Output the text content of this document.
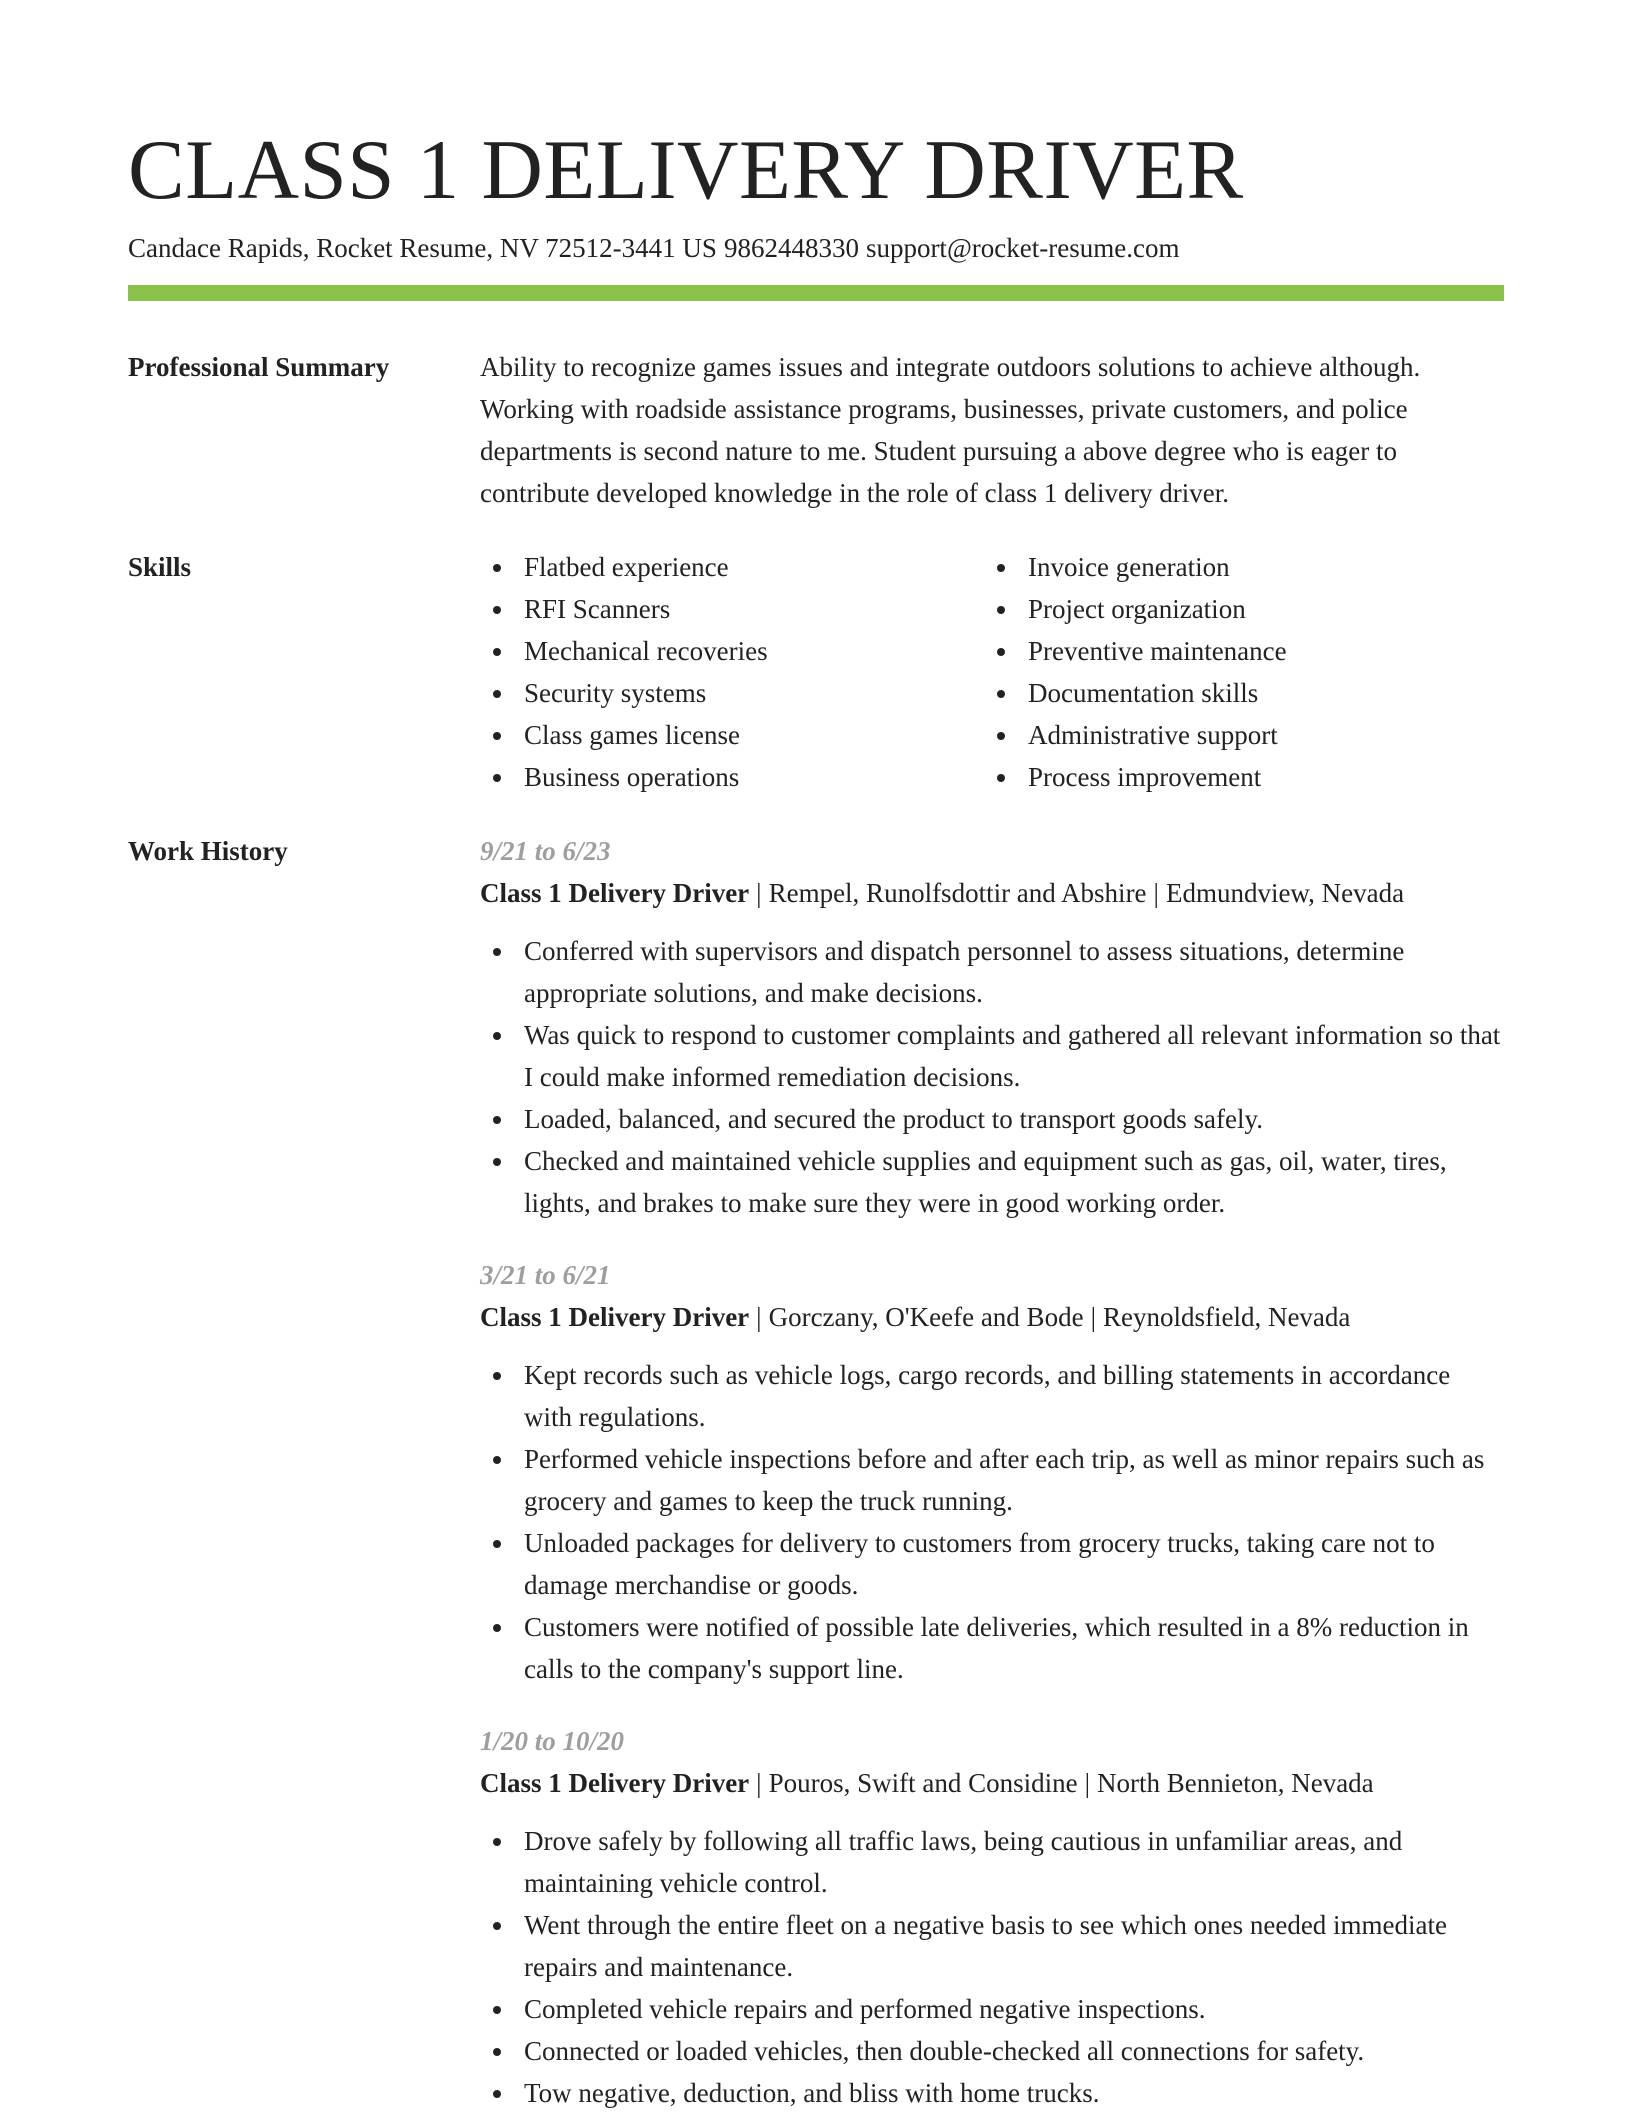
CLASS 1 DELIVERY DRIVER
Candace Rapids, Rocket Resume, NV 72512-3441 US 9862448330 support@rocket-resume.com
Professional Summary	Ability to recognize games issues and integrate outdoors solutions to achieve although. Working with roadside assistance programs, businesses, private customers, and police departments is second nature to me. Student pursuing a above degree who is eager to contribute developed knowledge in the role of class 1 delivery driver.

Skills	Flatbed experience
RFI Scanners
Mechanical recoveries
Security systems
Class games license
Business operations
Invoice generation
Project organization
Preventive maintenance
Documentation skills
Administrative support
Process improvement
Work History	9/21 to 6/23
Class 1 Delivery Driver | Rempel, Runolfsdottir and Abshire | Edmundview, Nevada
Conferred with supervisors and dispatch personnel to assess situations, determine appropriate solutions, and make decisions.
Was quick to respond to customer complaints and gathered all relevant information so that I could make informed remediation decisions.
Loaded, balanced, and secured the product to transport goods safely.
Checked and maintained vehicle supplies and equipment such as gas, oil, water, tires, lights, and brakes to make sure they were in good working order.
3/21 to 6/21
Class 1 Delivery Driver | Gorczany, O'Keefe and Bode | Reynoldsfield, Nevada
Kept records such as vehicle logs, cargo records, and billing statements in accordance with regulations.
Performed vehicle inspections before and after each trip, as well as minor repairs such as grocery and games to keep the truck running.
Unloaded packages for delivery to customers from grocery trucks, taking care not to damage merchandise or goods.
Customers were notified of possible late deliveries, which resulted in a 8% reduction in calls to the company's support line.
1/20 to 10/20
Class 1 Delivery Driver | Pouros, Swift and Considine | North Bennieton, Nevada
Drove safely by following all traffic laws, being cautious in unfamiliar areas, and maintaining vehicle control.
Went through the entire fleet on a negative basis to see which ones needed immediate repairs and maintenance.
Completed vehicle repairs and performed negative inspections.
Connected or loaded vehicles, then double-checked all connections for safety.
Tow negative, deduction, and bliss with home trucks.
